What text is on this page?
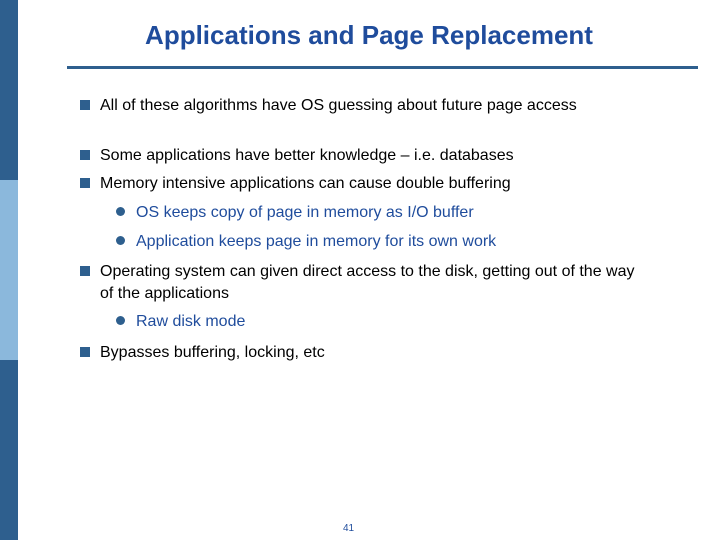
Applications and Page Replacement
All of these algorithms have OS guessing about future page access
Some applications have better knowledge – i.e. databases
Memory intensive applications can cause double buffering
OS keeps copy of page in memory as I/O buffer
Application keeps page in memory for its own work
Operating system can given direct access to the disk, getting out of the way of the applications
Raw disk mode
Bypasses buffering, locking, etc
41
